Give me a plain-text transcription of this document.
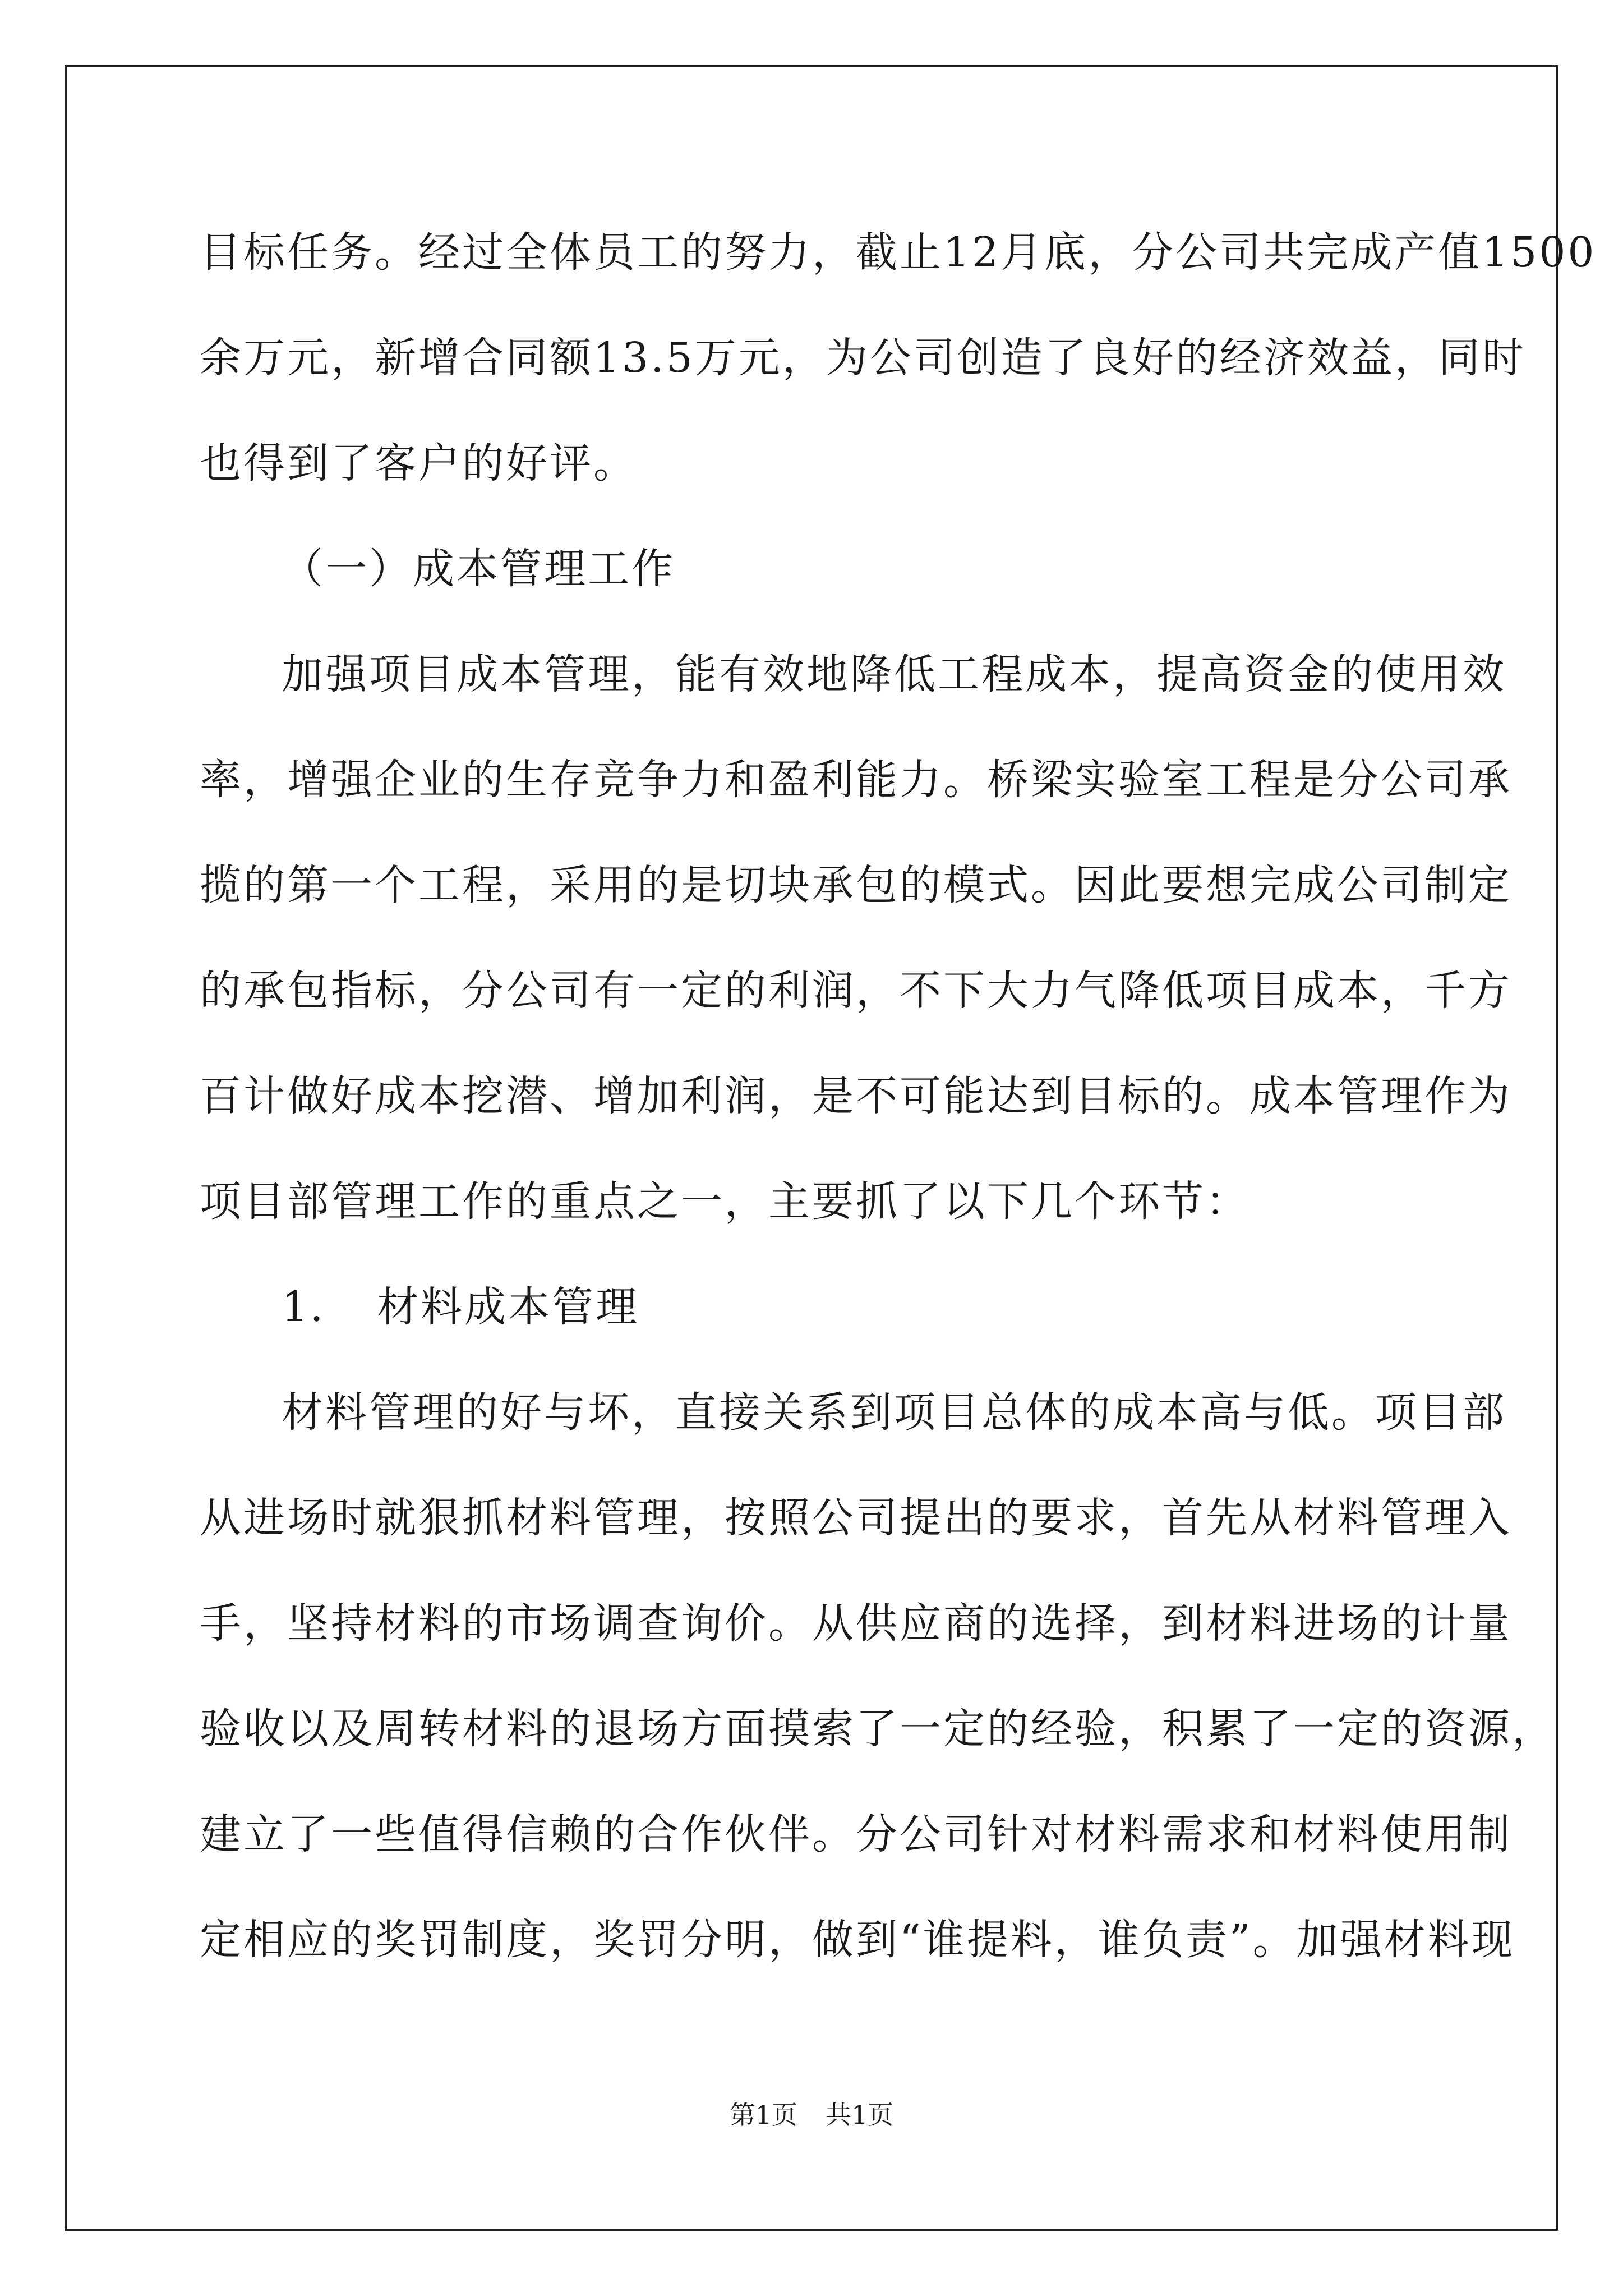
目标任务。经过全体员工的努力，截止12月底，分公司共完成产值1500
余万元，新增合同额13.5万元，为公司创造了良好的经济效益，同时
也得到了客户的好评。
（一）成本管理工作
加强项目成本管理，能有效地降低工程成本，提高资金的使用效
率，增强企业的生存竞争力和盈利能力。桥梁实验室工程是分公司承
揽的第一个工程，采用的是切块承包的模式。因此要想完成公司制定
的承包指标，分公司有一定的利润，不下大力气降低项目成本，千方
百计做好成本挖潜、增加利润，是不可能达到目标的。成本管理作为
项目部管理工作的重点之一，主要抓了以下几个环节：
1．　材料成本管理
材料管理的好与坏，直接关系到项目总体的成本高与低。项目部
从进场时就狠抓材料管理，按照公司提出的要求，首先从材料管理入
手，坚持材料的市场调查询价。从供应商的选择，到材料进场的计量
验收以及周转材料的退场方面摸索了一定的经验，积累了一定的资源，
建立了一些值得信赖的合作伙伴。分公司针对材料需求和材料使用制
定相应的奖罚制度，奖罚分明，做到“谁提料，谁负责”。加强材料现
第1页 共1页
